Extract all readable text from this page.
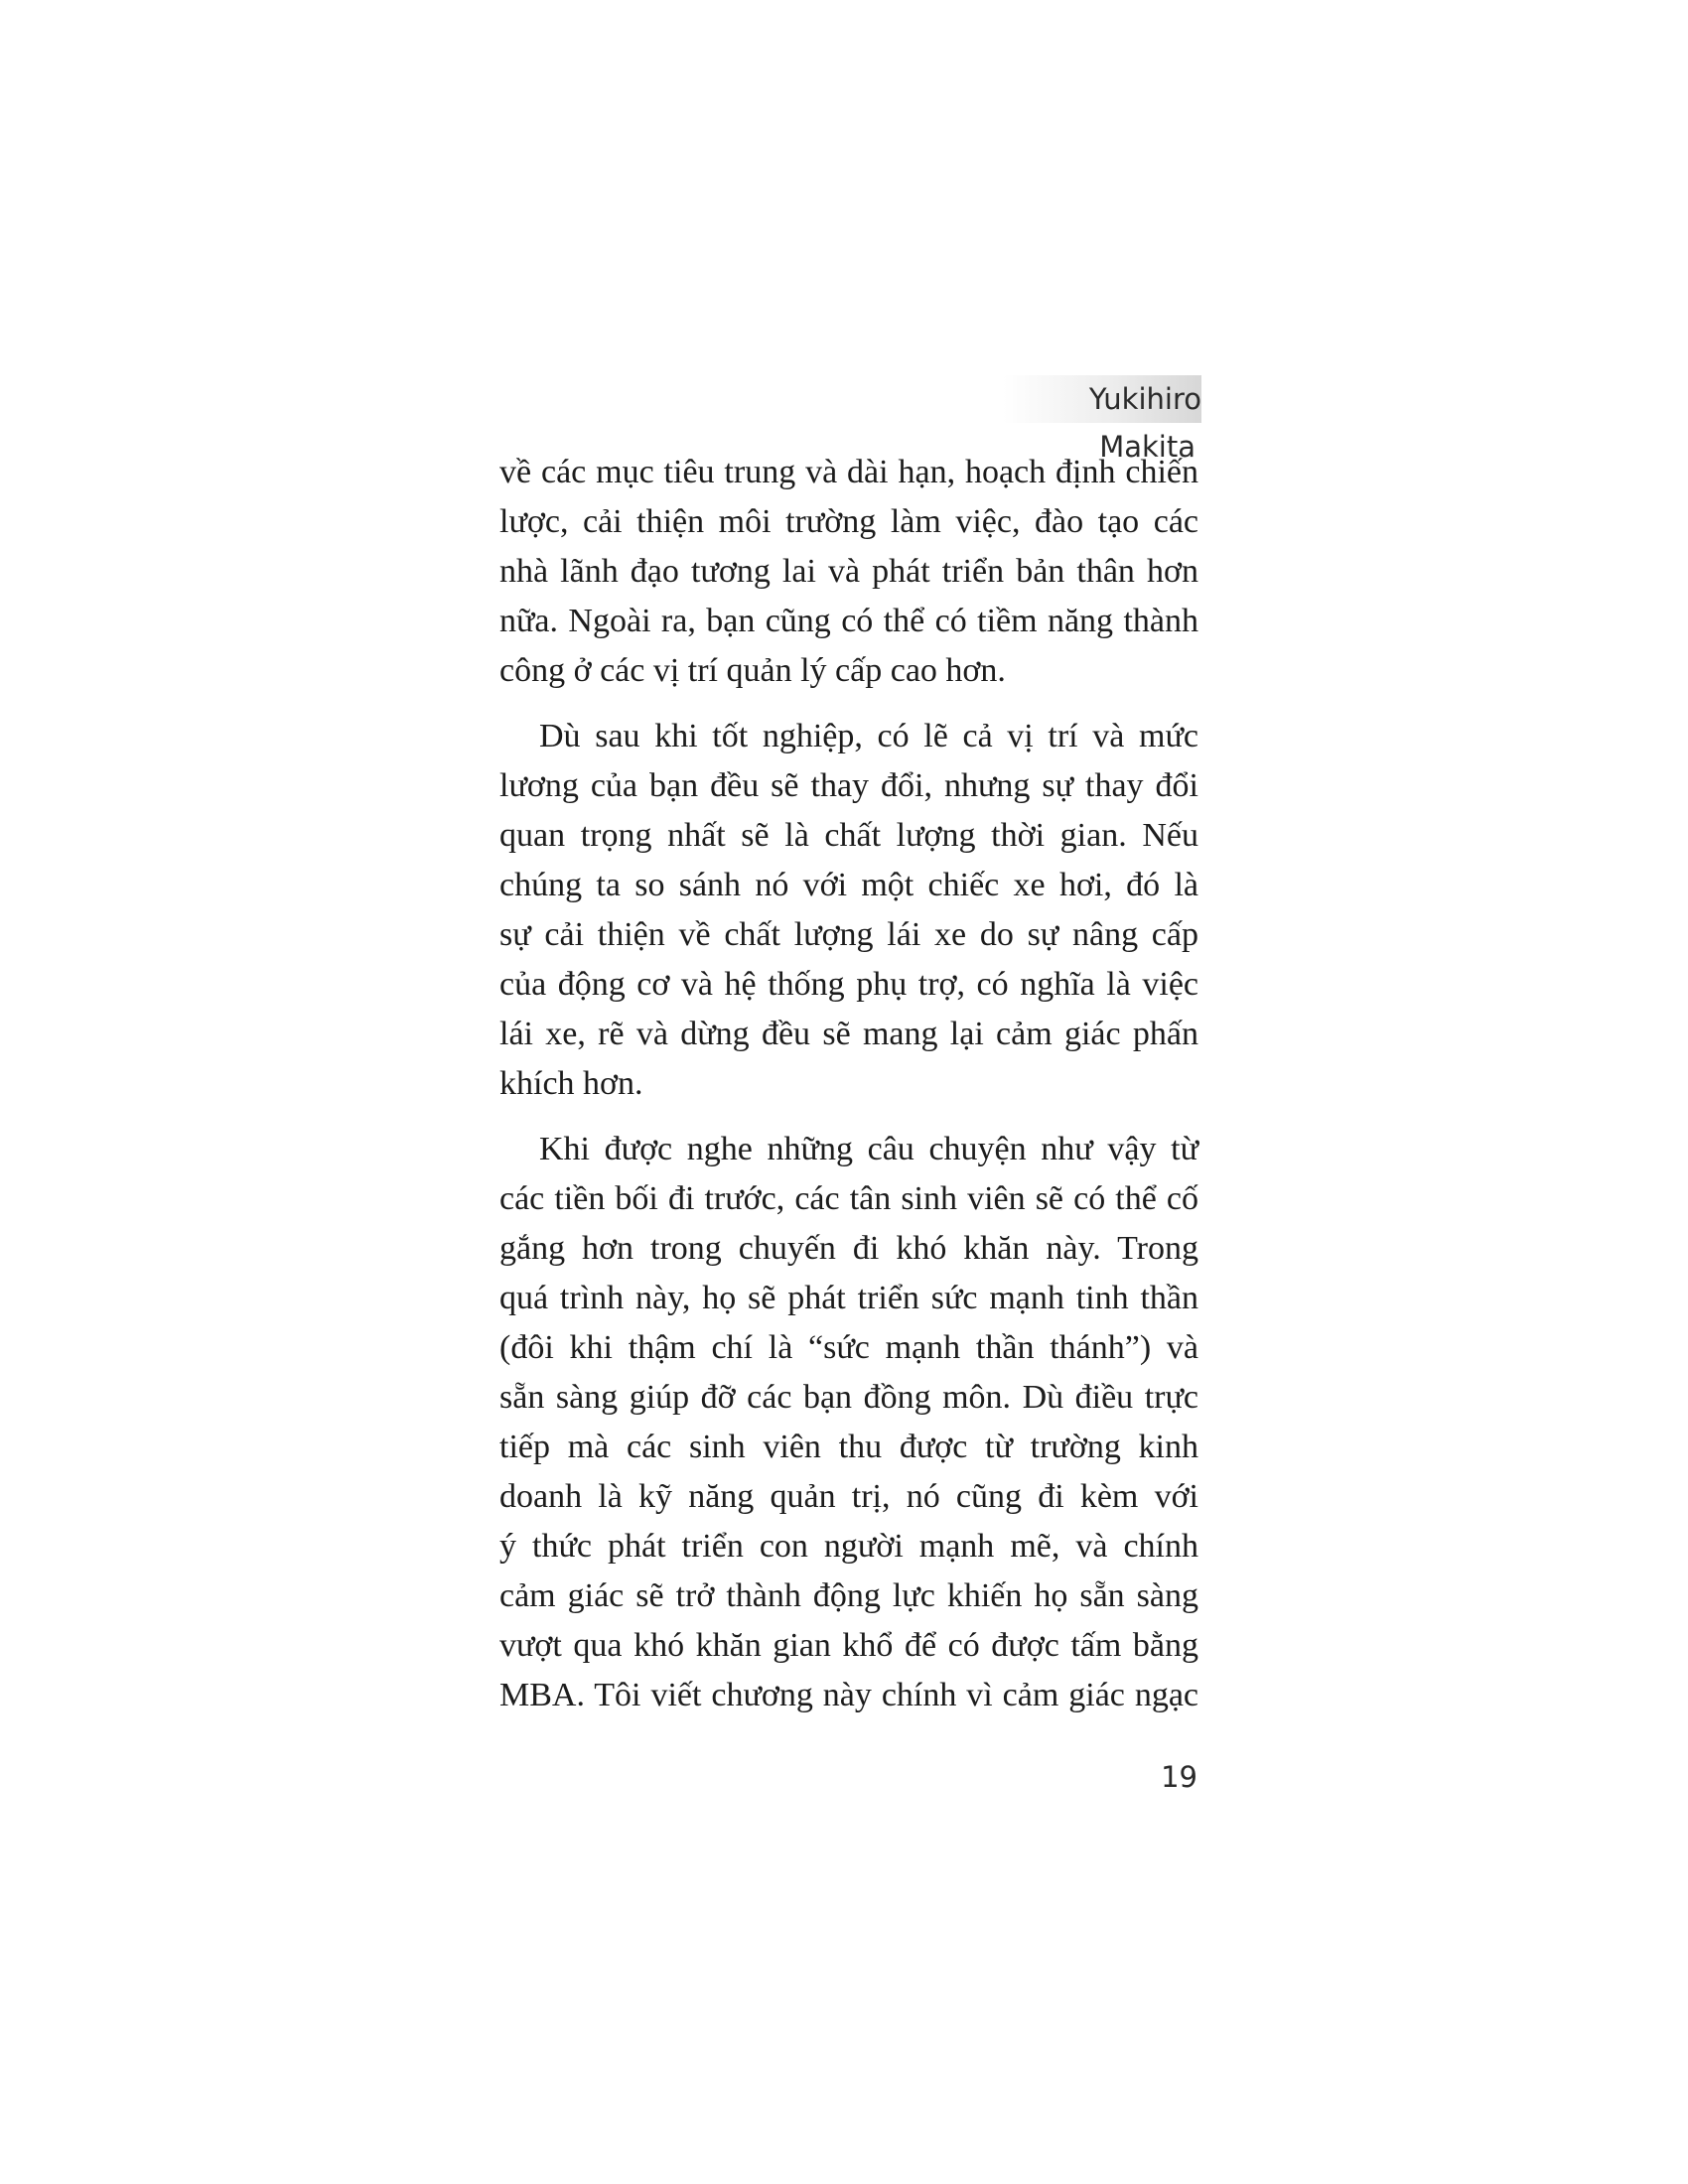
Yukihiro Makita

về các mục tiêu trung và dài hạn, hoạch định chiến
lược, cải thiện môi trường làm việc, đào tạo các
nhà lãnh đạo tương lai và phát triển bản thân hơn
nữa. Ngoài ra, bạn cũng có thể có tiềm năng thành
công ở các vị trí quản lý cấp cao hơn.

Dù sau khi tốt nghiệp, có lẽ cả vị trí và mức
lương của bạn đều sẽ thay đổi, nhưng sự thay đổi
quan trọng nhất sẽ là chất lượng thời gian. Nếu
chúng ta so sánh nó với một chiếc xe hơi, đó là
sự cải thiện về chất lượng lái xe do sự nâng cấp
của động cơ và hệ thống phụ trợ, có nghĩa là việc
lái xe, rẽ và dừng đều sẽ mang lại cảm giác phấn
khích hơn.

Khi được nghe những câu chuyện như vậy từ
các tiền bối đi trước, các tân sinh viên sẽ có thể cố
gắng hơn trong chuyến đi khó khăn này. Trong
quá trình này, họ sẽ phát triển sức mạnh tinh thần
(đôi khi thậm chí là “sức mạnh thần thánh”) và
sẵn sàng giúp đỡ các bạn đồng môn. Dù điều trực
tiếp mà các sinh viên thu được từ trường kinh
doanh là kỹ năng quản trị, nó cũng đi kèm với
ý thức phát triển con người mạnh mẽ, và chính
cảm giác sẽ trở thành động lực khiến họ sẵn sàng
vượt qua khó khăn gian khổ để có được tấm bằng
MBA. Tôi viết chương này chính vì cảm giác ngạc

19
